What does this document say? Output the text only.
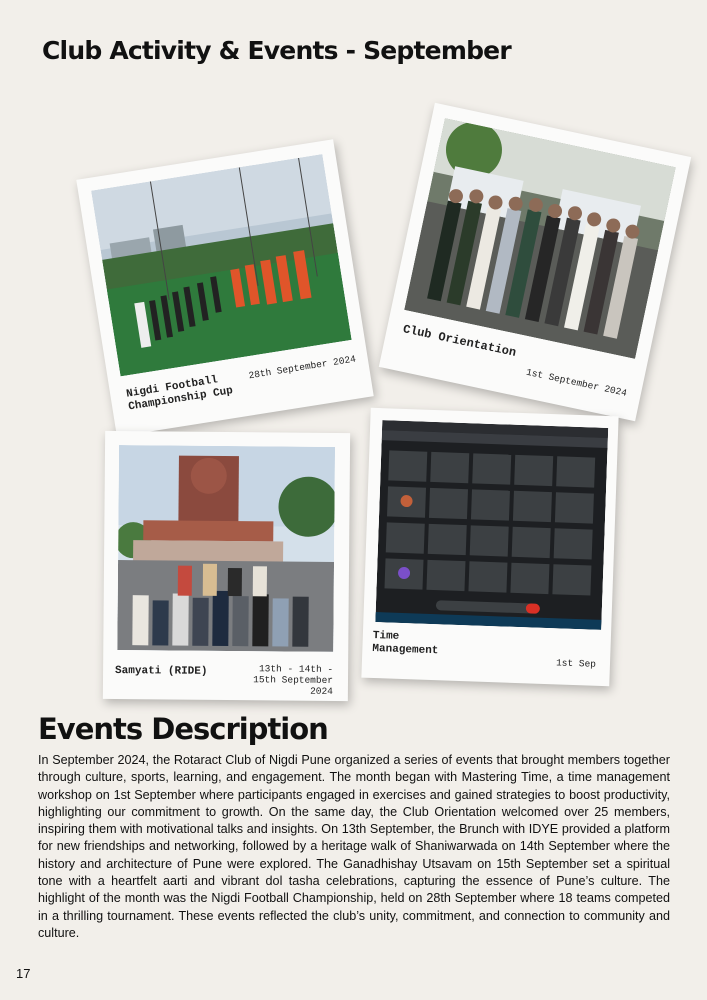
Club Activity & Events - September
Nigdi Football Championship Cup
28th September 2024
Club Orientation
1st September 2024
Samyati (RIDE)	13th - 14th - 15th September 2024
Time Management
1st Sep
Events Description

In September 2024, the Rotaract Club of Nigdi Pune organized a series of events that brought members together through culture, sports, learning, and engagement. The month began with Mastering Time, a time management workshop on 1st September where participants engaged in exercises and gained strategies to boost productivity, highlighting our commitment to growth. On the same day, the Club Orientation welcomed over 25 members, inspiring them with motivational talks and insights. On 13th September, the Brunch with IDYE provided a platform for new friendships and networking, followed by a heritage walk of Shaniwarwada on 14th September where the history and architecture of Pune were explored. The Ganadhishay Utsavam on 15th September set a spiritual tone with a heartfelt aarti and vibrant dol tasha celebrations, capturing the essence of Pune’s culture. The highlight of the month was the Nigdi Football Championship, held on 28th September where 18 teams competed in a thrilling tournament. These events reflected the club’s unity, commitment, and connection to community and culture.

17
